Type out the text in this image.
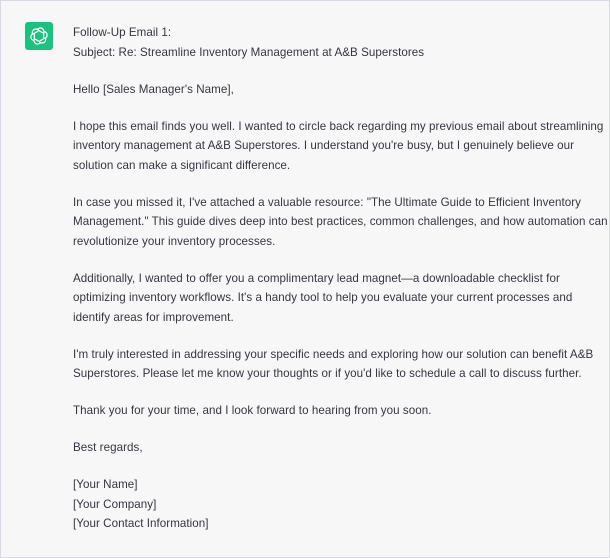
Follow-Up Email 1:
Subject: Re: Streamline Inventory Management at A&B Superstores

Hello [Sales Manager's Name],

I hope this email finds you well. I wanted to circle back regarding my previous email about streamlining
inventory management at A&B Superstores. I understand you're busy, but I genuinely believe our
solution can make a significant difference.

In case you missed it, I've attached a valuable resource: "The Ultimate Guide to Efficient Inventory
Management." This guide dives deep into best practices, common challenges, and how automation can
revolutionize your inventory processes.

Additionally, I wanted to offer you a complimentary lead magnet—a downloadable checklist for
optimizing inventory workflows. It's a handy tool to help you evaluate your current processes and
identify areas for improvement.

I'm truly interested in addressing your specific needs and exploring how our solution can benefit A&B
Superstores. Please let me know your thoughts or if you'd like to schedule a call to discuss further.

Thank you for your time, and I look forward to hearing from you soon.

Best regards,

[Your Name]
[Your Company]
[Your Contact Information]
